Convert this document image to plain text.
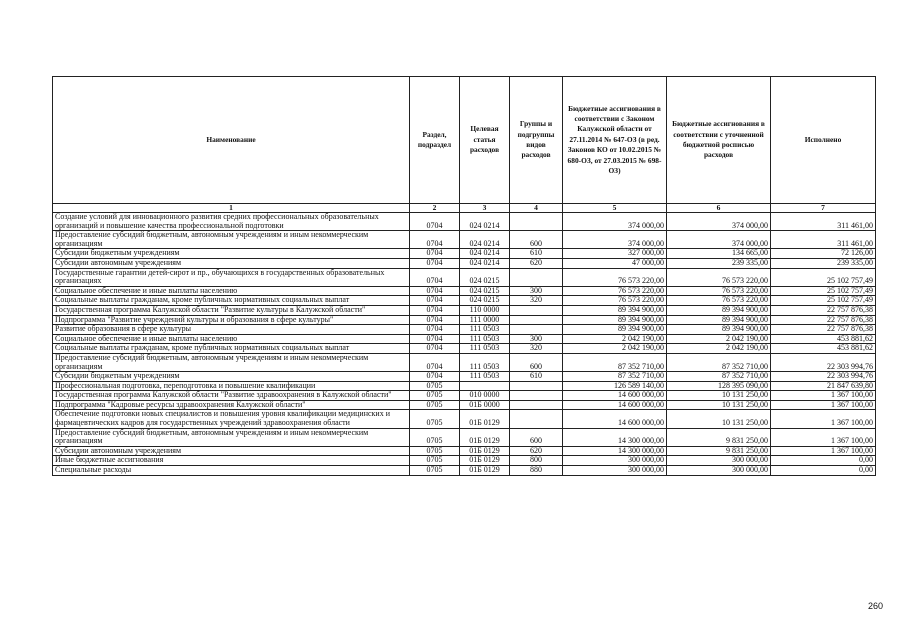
Наименование	Раздел, подраздел	Целевая статья расходов	Группы и подгруппы видов расходов	Бюджетные ассигнования в соответствии с Законом Калужской области от 27.11.2014 № 647-ОЗ (в ред. Законов КО от 10.02.2015 № 680-ОЗ, от 27.03.2015 № 698-ОЗ)	Бюджетные ассигнования в соответствии с уточненной бюджетной росписью расходов	Исполнено
1	2	3	4	5	6	7
Создание условий для инновационного развития средних профессиональных образовательных организаций и повышение качества профессиональной подготовки	0704	024 0214		374 000,00	374 000,00	311 461,00
Предоставление субсидий бюджетным, автономным учреждениям и иным некоммерческим организациям	0704	024 0214	600	374 000,00	374 000,00	311 461,00
Субсидии бюджетным учреждениям	0704	024 0214	610	327 000,00	134 665,00	72 126,00
Субсидии автономным учреждениям	0704	024 0214	620	47 000,00	239 335,00	239 335,00
Государственные гарантии детей-сирот и пр., обучающихся в государственных образовательных организациях	0704	024 0215		76 573 220,00	76 573 220,00	25 102 757,49
Социальное обеспечение и иные выплаты населению	0704	024 0215	300	76 573 220,00	76 573 220,00	25 102 757,49
Социальные выплаты гражданам, кроме публичных нормативных социальных выплат	0704	024 0215	320	76 573 220,00	76 573 220,00	25 102 757,49
Государственная программа Калужской области "Развитие культуры в Калужской области"	0704	110 0000		89 394 900,00	89 394 900,00	22 757 876,38
Подпрограмма "Развитие учреждений культуры и образования в сфере культуры"	0704	111 0000		89 394 900,00	89 394 900,00	22 757 876,38
Развитие образования в сфере культуры	0704	111 0503		89 394 900,00	89 394 900,00	22 757 876,38
Социальное обеспечение и иные выплаты населению	0704	111 0503	300	2 042 190,00	2 042 190,00	453 881,62
Социальные выплаты гражданам, кроме публичных нормативных социальных выплат	0704	111 0503	320	2 042 190,00	2 042 190,00	453 881,62
Предоставление субсидий бюджетным, автономным учреждениям и иным некоммерческим организациям	0704	111 0503	600	87 352 710,00	87 352 710,00	22 303 994,76
Субсидии бюджетным учреждениям	0704	111 0503	610	87 352 710,00	87 352 710,00	22 303 994,76
Профессиональная подготовка, переподготовка и повышение квалификации	0705			126 589 140,00	128 395 090,00	21 847 639,80
Государственная программа Калужской области "Развитие здравоохранения в Калужской области"	0705	010 0000		14 600 000,00	10 131 250,00	1 367 100,00
Подпрограмма "Кадровые ресурсы здравоохранения Калужской области"	0705	01Б 0000		14 600 000,00	10 131 250,00	1 367 100,00
Обеспечение подготовки новых специалистов и повышения уровня квалификации медицинских и фармацевтических кадров для государственных учреждений здравоохранения области	0705	01Б 0129		14 600 000,00	10 131 250,00	1 367 100,00
Предоставление субсидий бюджетным, автономным учреждениям и иным некоммерческим организациям	0705	01Б 0129	600	14 300 000,00	9 831 250,00	1 367 100,00
Субсидии автономным учреждениям	0705	01Б 0129	620	14 300 000,00	9 831 250,00	1 367 100,00
Иные бюджетные ассигнования	0705	01Б 0129	800	300 000,00	300 000,00	0,00
Специальные расходы	0705	01Б 0129	880	300 000,00	300 000,00	0,00
260
